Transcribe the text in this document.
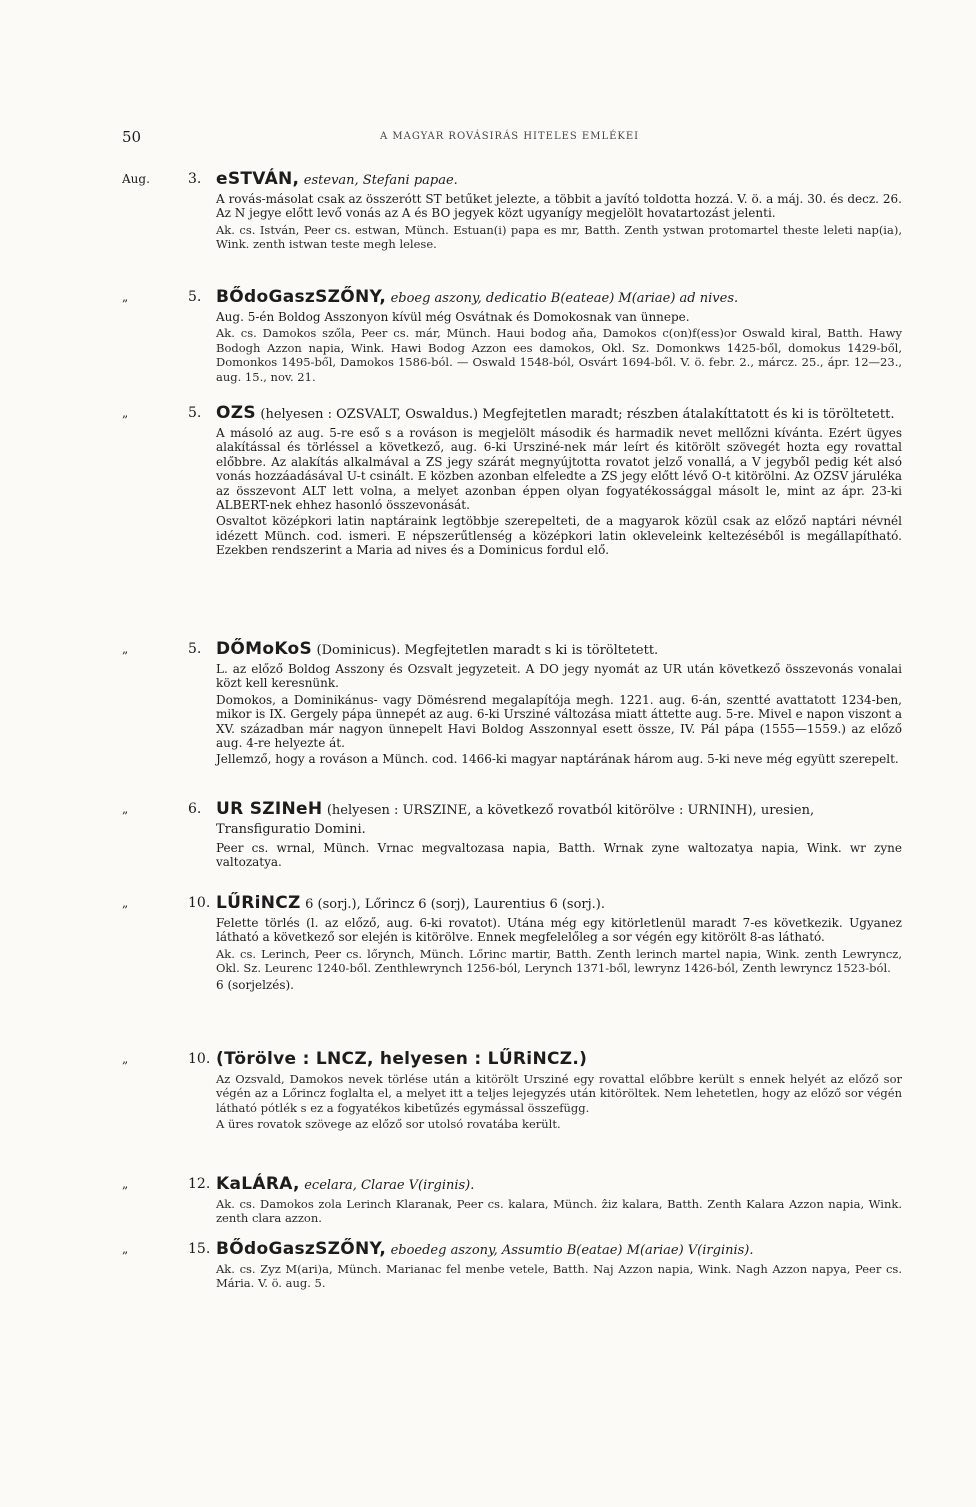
50	A MAGYAR ROVÁSIRÁS HITELES EMLÉKEI
Aug.	3. eSTVÁN, estevan, Stefani papae.

A rovás-másolat csak az összerótt ST betűket jelezte, a többit a javító toldotta hozzá. V. ö. a máj. 30. és decz. 26. Az N jegye előtt levő vonás az A és BO jegyek közt ugyanígy megjelölt hovatartozást jelenti.

Ak. cs. István, Peer cs. estwan, Münch. Estuan(i) papa es mr, Batth. Zenth ystwan protomartel theste leleti nap(ia), Wink. zenth istwan teste megh lelese.

„	5. BŐdoGaszSZŐNY, eboeg aszony, dedicatio B(eateae) M(ariae) ad nives.

Aug. 5-én Boldog Asszonyon kívül még Osvátnak és Domokosnak van ünnepe.

Ak. cs. Damokos szőla, Peer cs. már, Münch. Haui bodog aňa, Damokos c(on)f(ess)or Oswald kiral, Batth. Hawy Bodogh Azzon napia, Wink. Hawi Bodog Azzon ees damokos, Okl. Sz. Domonkws 1425-ből, domokus 1429-ből, Domonkos 1495-ből, Damokos 1586-ból. — Oswald 1548-ból, Osvárt 1694-ből. V. ö. febr. 2., márcz. 25., ápr. 12—23., aug. 15., nov. 21.

„	5. OZS (helyesen : OZSVALT, Oswaldus.) Megfejtetlen maradt; részben átalakíttatott és ki is töröltetett.

A másoló az aug. 5-re eső s a rováson is megjelölt második és harmadik nevet mellőzni kívánta. Ezért ügyes alakítással és törléssel a következő, aug. 6-ki Ursziné-nek már leírt és kitörölt szövegét hozta egy rovattal előbbre. Az alakítás alkalmával a ZS jegy szárát megnyújtotta rovatot jelző vonallá, a V jegyből pedig két alsó vonás hozzáadásával U-t csinált. E közben azonban elfeledte a ZS jegy előtt lévő O-t kitörölni. Az OZSV járuléka az összevont ALT lett volna, a melyet azonban éppen olyan fogyatékossággal másolt le, mint az ápr. 23-ki ALBERT-nek ehhez hasonló összevonását.

Osvaltot középkori latin naptáraink legtöbbje szerepelteti, de a magyarok közül csak az előző naptári névnél idézett Münch. cod. ismeri. E népszerűtlenség a középkori latin okleveleink keltezéséből is megállapítható. Ezekben rendszerint a Maria ad nives és a Dominicus fordul elő.

„	5. DŐMoKoS (Dominicus). Megfejtetlen maradt s ki is töröltetett.

L. az előző Boldog Asszony és Ozsvalt jegyzeteit. A DO jegy nyomát az UR után következő összevonás vonalai közt kell keresnünk.

Domokos, a Dominikánus- vagy Dömésrend megalapítója megh. 1221. aug. 6-án, szentté avattatott 1234-ben, mikor is IX. Gergely pápa ünnepét az aug. 6-ki Ursziné változása miatt áttette aug. 5-re. Mivel e napon viszont a XV. században már nagyon ünnepelt Havi Boldog Asszonnyal esett össze, IV. Pál pápa (1555—1559.) az előző aug. 4-re helyezte át.

Jellemző, hogy a rováson a Münch. cod. 1466-ki magyar naptárának három aug. 5-ki neve még együtt szerepelt.

„	6. UR SZINeH (helyesen : URSZINE, a következő rovatból kitörölve : URNINH), uresien, Transfiguratio Domini.

Peer cs. wrnal, Münch. Vrnac megvaltozasa napia, Batth. Wrnak zyne waltozatya napia, Wink. wr zyne valtozatya.

„	10. LŰRiNCZ 6 (sorj.), Lőrincz 6 (sorj), Laurentius 6 (sorj.).

Felette törlés (l. az előző, aug. 6-ki rovatot). Utána még egy kitörletlenül maradt 7-es következik. Ugyanez látható a következő sor elején is kitörölve. Ennek megfelelőleg a sor végén egy kitörölt 8-as látható.

Ak. cs. Lerinch, Peer cs. lőrynch, Münch. Lőrinc martir, Batth. Zenth lerinch martel napia, Wink. zenth Lewryncz, Okl. Sz. Leurenc 1240-ből. Zenthlewrynch 1256-ból, Lerynch 1371-ből, lewrynz 1426-ból, Zenth lewryncz 1523-ból.

6 (sorjelzés).

„	10. (Törölve : LNCZ, helyesen : LŰRiNCZ.)

Az Ozsvald, Damokos nevek törlése után a kitörölt Ursziné egy rovattal előbbre került s ennek helyét az előző sor végén az a Lőrincz foglalta el, a melyet itt a teljes lejegyzés után kitöröltek. Nem lehetetlen, hogy az előző sor végén látható pótlék s ez a fogyatékos kibetűzés egymással összefügg.

A üres rovatok szövege az előző sor utolsó rovatába került.

„	12. KaLÁRA, ecelara, Clarae V(irginis).

Ak. cs. Damokos zola Lerinch Klaranak, Peer cs. kalara, Münch. ẑiz kalara, Batth. Zenth Kalara Azzon napia, Wink. zenth clara azzon.

„	15. BŐdoGaszSZŐNY, eboedeg aszony, Assumtio B(eatae) M(ariae) V(irginis).

Ak. cs. Zyz M(ari)a, Münch. Marianac fel menbe vetele, Batth. Naj Azzon napia, Wink. Nagh Azzon napya, Peer cs. Mária. V. ö. aug. 5.
